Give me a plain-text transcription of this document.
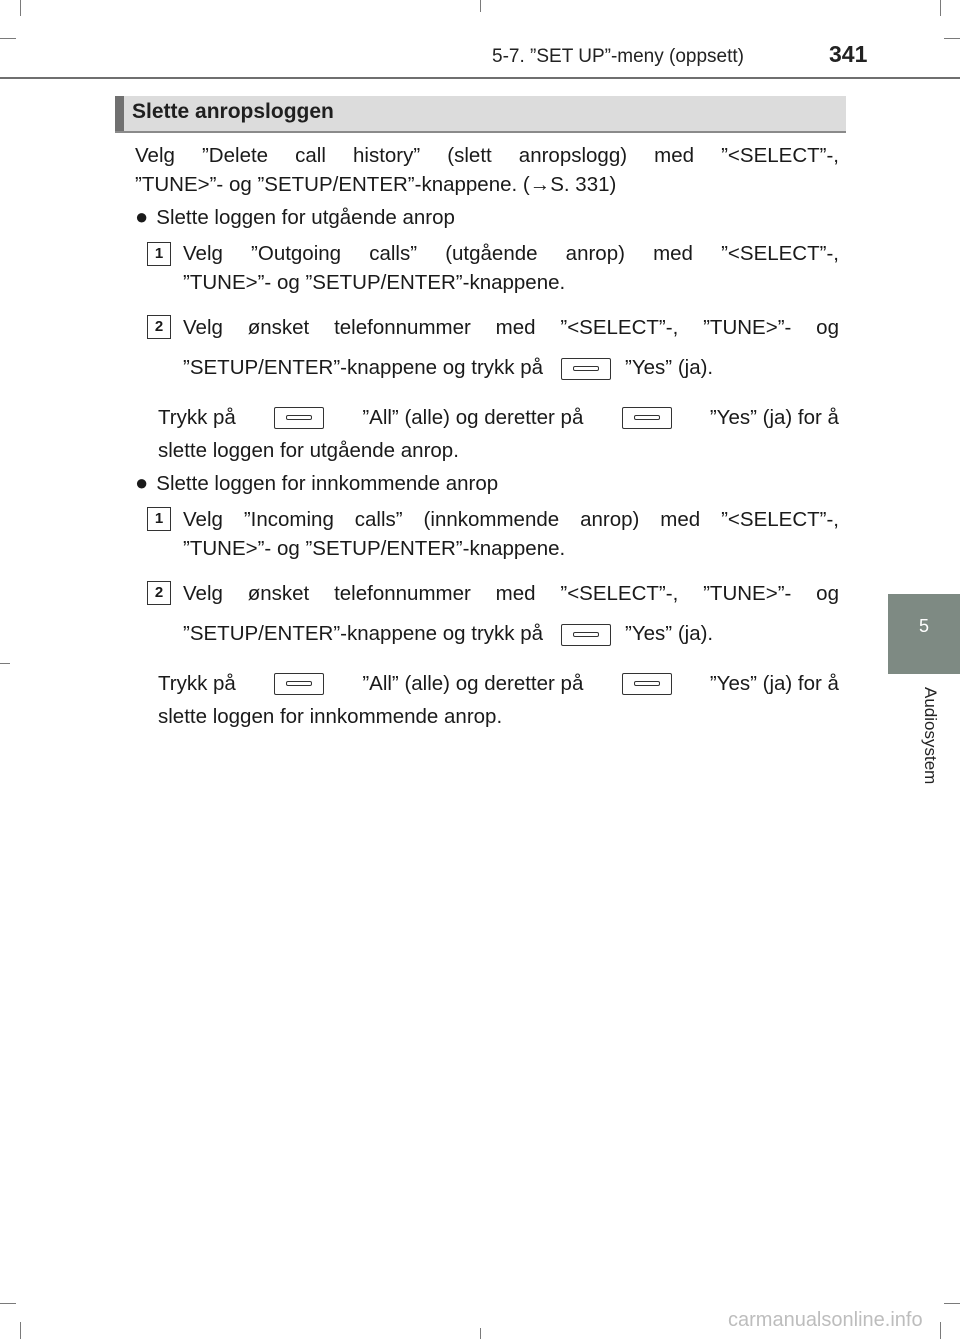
5-7. ”SET UP”-meny (oppsett)	341
5
Audiosystem
Slette anropsloggen
Velg ”Delete call history” (slett anropslogg) med ”<SELECT”-,
”TUNE>”- og ”SETUP/ENTER”-knappene. (→S. 331)
● Slette loggen for utgående anrop
1 Velg ”Outgoing calls” (utgående anrop) med ”<SELECT”-,
”TUNE>”- og ”SETUP/ENTER”-knappene.
2 Velg ønsket telefonnummer med ”<SELECT”-, ”TUNE>”- og
”SETUP/ENTER”-knappene og trykk på	”Yes” (ja).
Trykk på	”All” (alle) og deretter på	”Yes” (ja) for å
slette loggen for utgående anrop.
● Slette loggen for innkommende anrop
1 Velg ”Incoming calls” (innkommende anrop) med ”<SELECT”-,
”TUNE>”- og ”SETUP/ENTER”-knappene.
2 Velg ønsket telefonnummer med ”<SELECT”-, ”TUNE>”- og
”SETUP/ENTER”-knappene og trykk på	”Yes” (ja).
Trykk på	”All” (alle) og deretter på	”Yes” (ja) for å
slette loggen for innkommende anrop.
carmanualsonline.info
